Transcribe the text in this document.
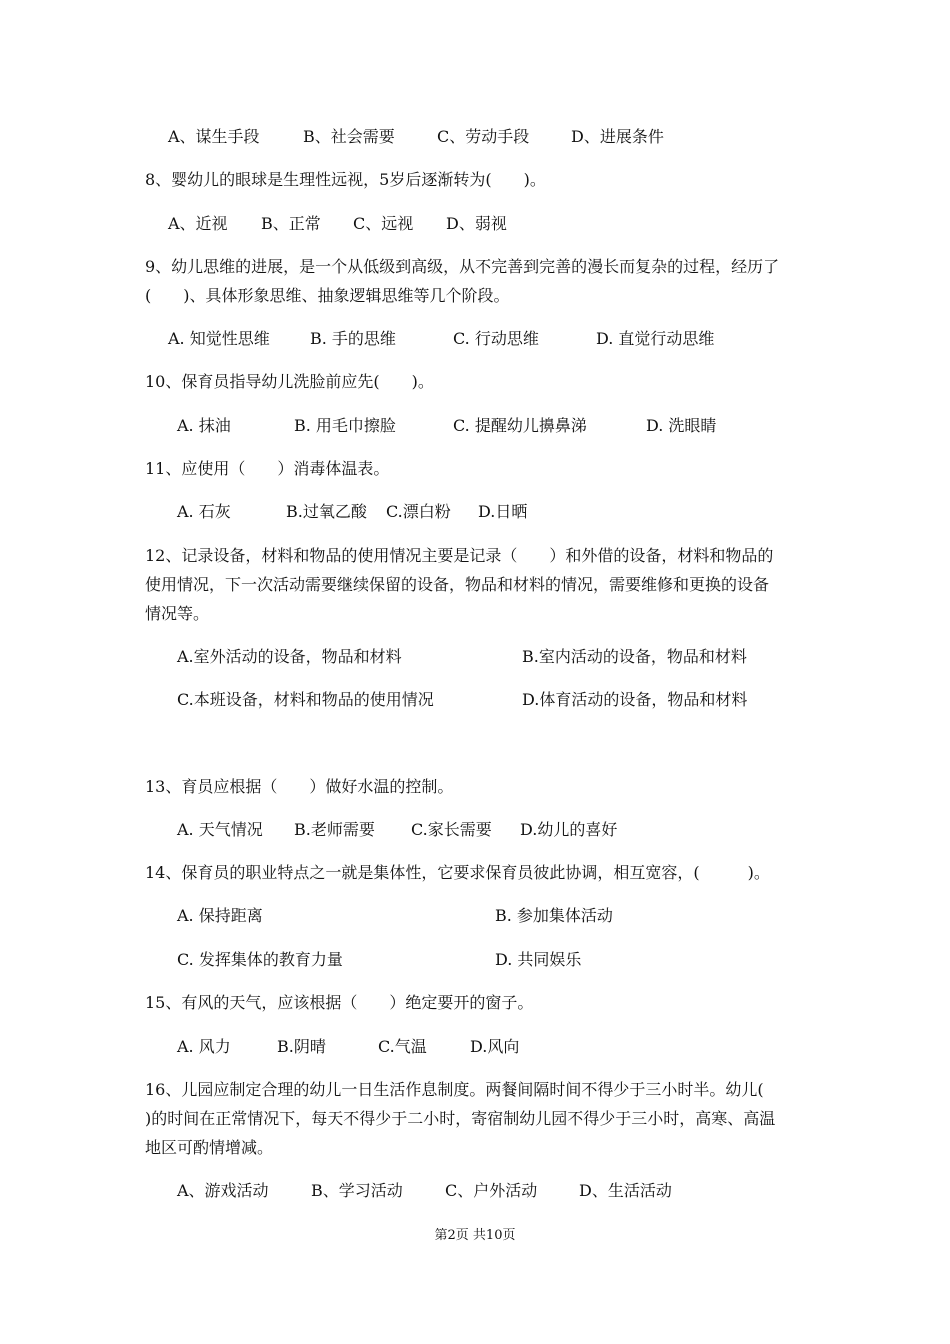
A、谋生手段	B、社会需要	C、劳动手段	D、进展条件
8、婴幼儿的眼球是生理性远视，5岁后逐渐转为(　　)。
A、近视 B、正常 C、远视 D、弱视
9、幼儿思维的进展，是一个从低级到高级，从不完善到完善的漫长而复杂的过程，经历了
(　　)、具体形象思维、抽象逻辑思维等几个阶段。
A. 知觉性思维	B. 手的思维	C. 行动思维	D. 直觉行动思维
10、保育员指导幼儿洗脸前应先(　　)。
A. 抹油	B. 用毛巾擦脸	C. 提醒幼儿擤鼻涕	D. 洗眼睛
11、应使用（　　）消毒体温表。
A. 石灰	B.过氧乙酸 C.漂白粉 D.日晒
12、记录设备，材料和物品的使用情况主要是记录（　　）和外借的设备，材料和物品的
使用情况，下一次活动需要继续保留的设备，物品和材料的情况，需要维修和更换的设备
情况等。
A.室外活动的设备，物品和材料	B.室内活动的设备，物品和材料
C.本班设备，材料和物品的使用情况	D.体育活动的设备，物品和材料
13、育员应根据（　　）做好水温的控制。
A. 天气情况 B.老师需要 C.家长需要 D.幼儿的喜好
14、保育员的职业特点之一就是集体性，它要求保育员彼此协调，相互宽容，(　　　)。
A. 保持距离	B. 参加集体活动
C. 发挥集体的教育力量	D. 共同娱乐
15、有风的天气，应该根据（　　）绝定要开的窗子。
A. 风力	B.阴晴	C.气温	D.风向
16、儿园应制定合理的幼儿一日生活作息制度。两餐间隔时间不得少于三小时半。幼儿(
)的时间在正常情况下，每天不得少于二小时，寄宿制幼儿园不得少于三小时，高寒、高温
地区可酌情增减。
A、游戏活动	B、学习活动	C、户外活动	D、生活活动
第2页 共10页
